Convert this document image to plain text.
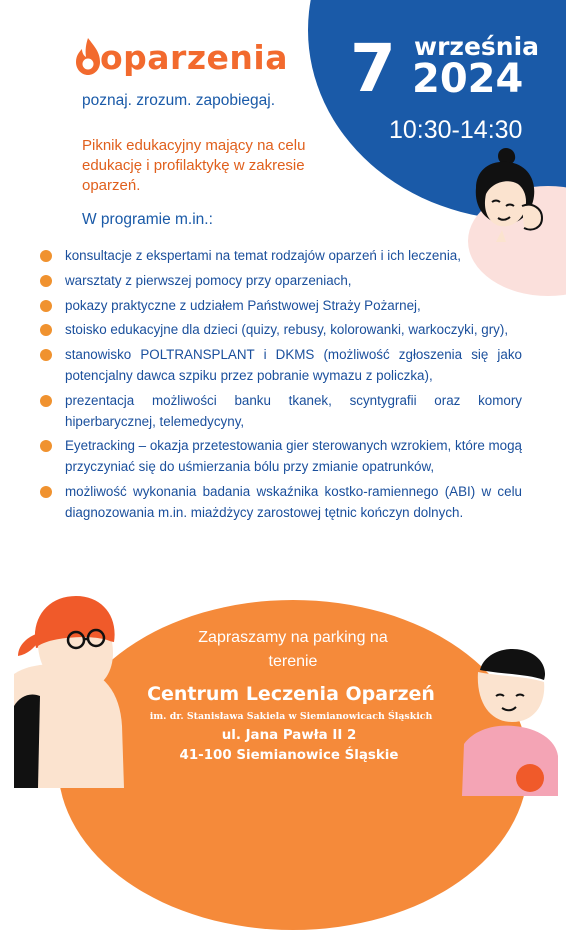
oparzenia
poznaj. zrozum. zapobiegaj.
Piknik edukacyjny mający na celu edukację i profilaktykę w zakresie oparzeń.
W programie m.in.:
7 września
2024
10:30-14:30
konsultacje z ekspertami na temat rodzajów oparzeń i ich leczenia,
warsztaty z pierwszej pomocy przy oparzeniach,
pokazy praktyczne z udziałem Państwowej Straży Pożarnej,
stoisko edukacyjne dla dzieci (quizy, rebusy, kolorowanki, warkoczyki, gry),
stanowisko POLTRANSPLANT i DKMS (możliwość zgłoszenia się jako potencjalny dawca szpiku przez pobranie wymazu z policzka),
prezentacja możliwości banku tkanek, scyntygrafii oraz komory hiperbarycznej, telemedycyny,
Eyetracking – okazja przetestowania gier sterowanych wzrokiem, które mogą przyczyniać się do uśmierzania bólu przy zmianie opatrunków,
możliwość wykonania badania wskaźnika kostko-ramiennego (ABI) w celu diagnozowania m.in. miażdżycy zarostowej tętnic kończyn dolnych.
Zapraszamy na parking na terenie
Centrum Leczenia Oparzeń
im. dr. Stanisława Sakiela w Siemianowicach Śląskich
ul. Jana Pawła II 2
41-100 Siemianowice Śląskie
